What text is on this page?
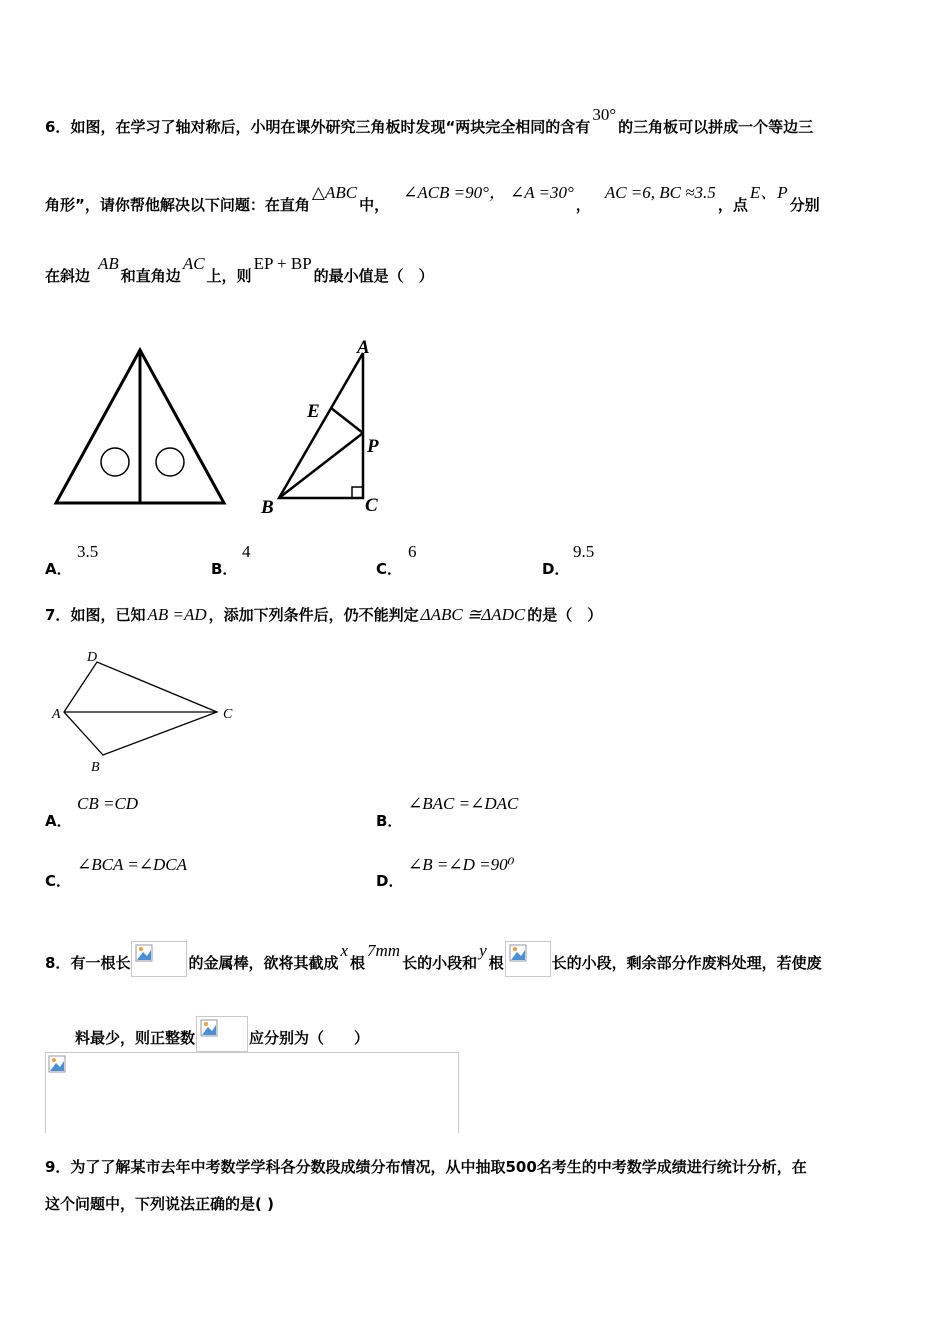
6．如图，在学习了轴对称后，小明在课外研究三角板时发现“两块完全相同的含有30°的三角板可以拼成一个等边三
角形”，请你帮他解决以下问题：在直角△ABC中，∠ACB =90°， ∠A =30°，AC =6, BC ≈3.5，点E、P分别
在斜边AB和直角边AC上，则EP + BP的最小值是（　）
A
E
P
B	C
A．
3.5
B．
4
C．
6
D．
9.5
7．如图，已知 AB =AD ，添加下列条件后，仍不能判定 ΔABC ≅ΔADC 的是（　）
D
A	C
B
A．
CB =CD
B．
∠BAC =∠DAC
C．
∠BCA =∠DCA
D．
∠B =∠D =90⁰
8．有一根长	的金属棒，欲将其截成x根7mm长的小段和y根	长的小段，剩余部分作废料处理，若使废
料最少，则正整数	应分别为（　　）
9．为了了解某市去年中考数学学科各分数段成绩分布情况，从中抽取500名考生的中考数学成绩进行统计分析，在
这个问题中，下列说法正确的是( )
